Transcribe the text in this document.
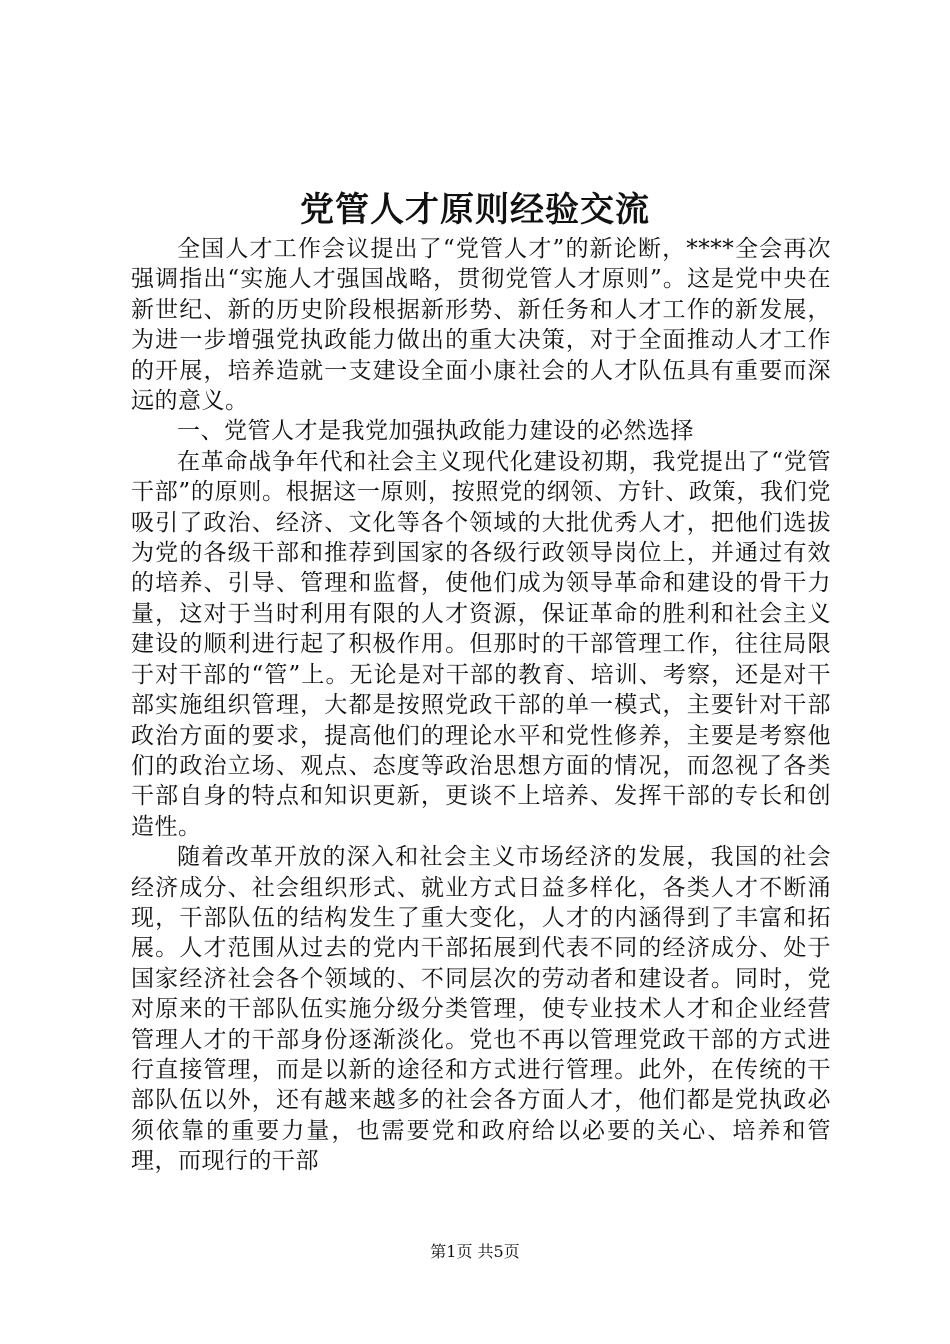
党管人才原则经验交流

全国人才工作会议提出了“党管人才”的新论断，****全会再次强调指出“实施人才强国战略，贯彻党管人才原则”。这是党中央在新世纪、新的历史阶段根据新形势、新任务和人才工作的新发展，为进一步增强党执政能力做出的重大决策，对于全面推动人才工作的开展，培养造就一支建设全面小康社会的人才队伍具有重要而深远的意义。

一、党管人才是我党加强执政能力建设的必然选择

在革命战争年代和社会主义现代化建设初期，我党提出了“党管干部”的原则。根据这一原则，按照党的纲领、方针、政策，我们党吸引了政治、经济、文化等各个领域的大批优秀人才，把他们选拔为党的各级干部和推荐到国家的各级行政领导岗位上，并通过有效的培养、引导、管理和监督，使他们成为领导革命和建设的骨干力量，这对于当时利用有限的人才资源，保证革命的胜利和社会主义建设的顺利进行起了积极作用。但那时的干部管理工作，往往局限于对干部的“管”上。无论是对干部的教育、培训、考察，还是对干部实施组织管理，大都是按照党政干部的单一模式，主要针对干部政治方面的要求，提高他们的理论水平和党性修养，主要是考察他们的政治立场、观点、态度等政治思想方面的情况，而忽视了各类干部自身的特点和知识更新，更谈不上培养、发挥干部的专长和创造性。

随着改革开放的深入和社会主义市场经济的发展，我国的社会经济成分、社会组织形式、就业方式日益多样化，各类人才不断涌现，干部队伍的结构发生了重大变化，人才的内涵得到了丰富和拓展。人才范围从过去的党内干部拓展到代表不同的经济成分、处于国家经济社会各个领域的、不同层次的劳动者和建设者。同时，党对原来的干部队伍实施分级分类管理，使专业技术人才和企业经营管理人才的干部身份逐渐淡化。党也不再以管理党政干部的方式进行直接管理，而是以新的途径和方式进行管理。此外，在传统的干部队伍以外，还有越来越多的社会各方面人才，他们都是党执政必须依靠的重要力量，也需要党和政府给以必要的关心、培养和管理，而现行的干部

第1页 共5页
